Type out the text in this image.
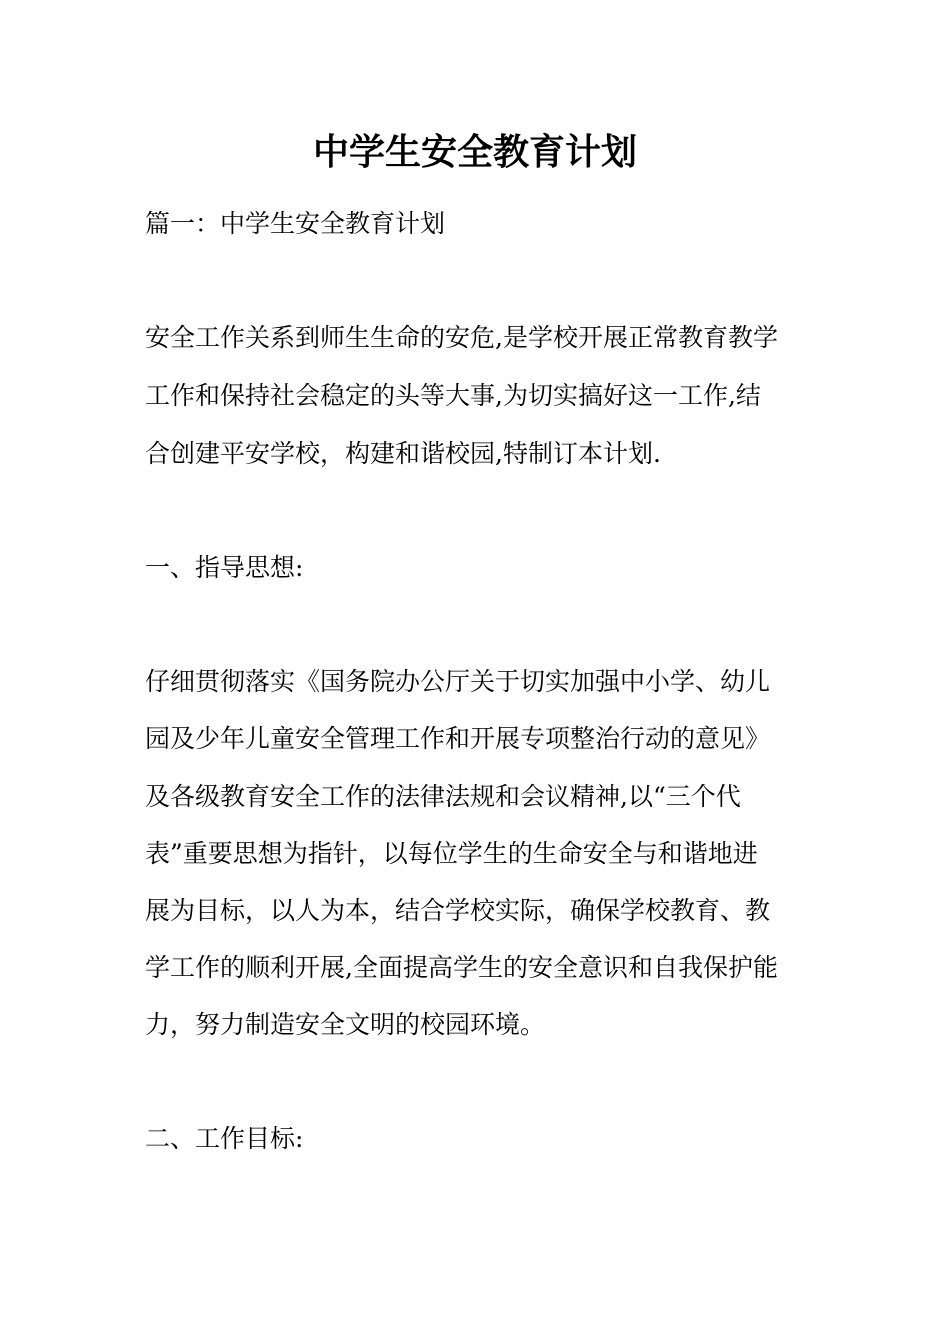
中学生安全教育计划
篇一：中学生安全教育计划
安全工作关系到师生生命的安危,是学校开展正常教育教学
工作和保持社会稳定的头等大事,为切实搞好这一工作,结
合创建平安学校，构建和谐校园,特制订本计划.
一、指导思想:
仔细贯彻落实《国务院办公厅关于切实加强中小学、幼儿
园及少年儿童安全管理工作和开展专项整治行动的意见》
及各级教育安全工作的法律法规和会议精神,以“三个代
表”重要思想为指针，以每位学生的生命安全与和谐地进
展为目标，以人为本，结合学校实际，确保学校教育、教
学工作的顺利开展,全面提高学生的安全意识和自我保护能
力，努力制造安全文明的校园环境。
二、工作目标:
